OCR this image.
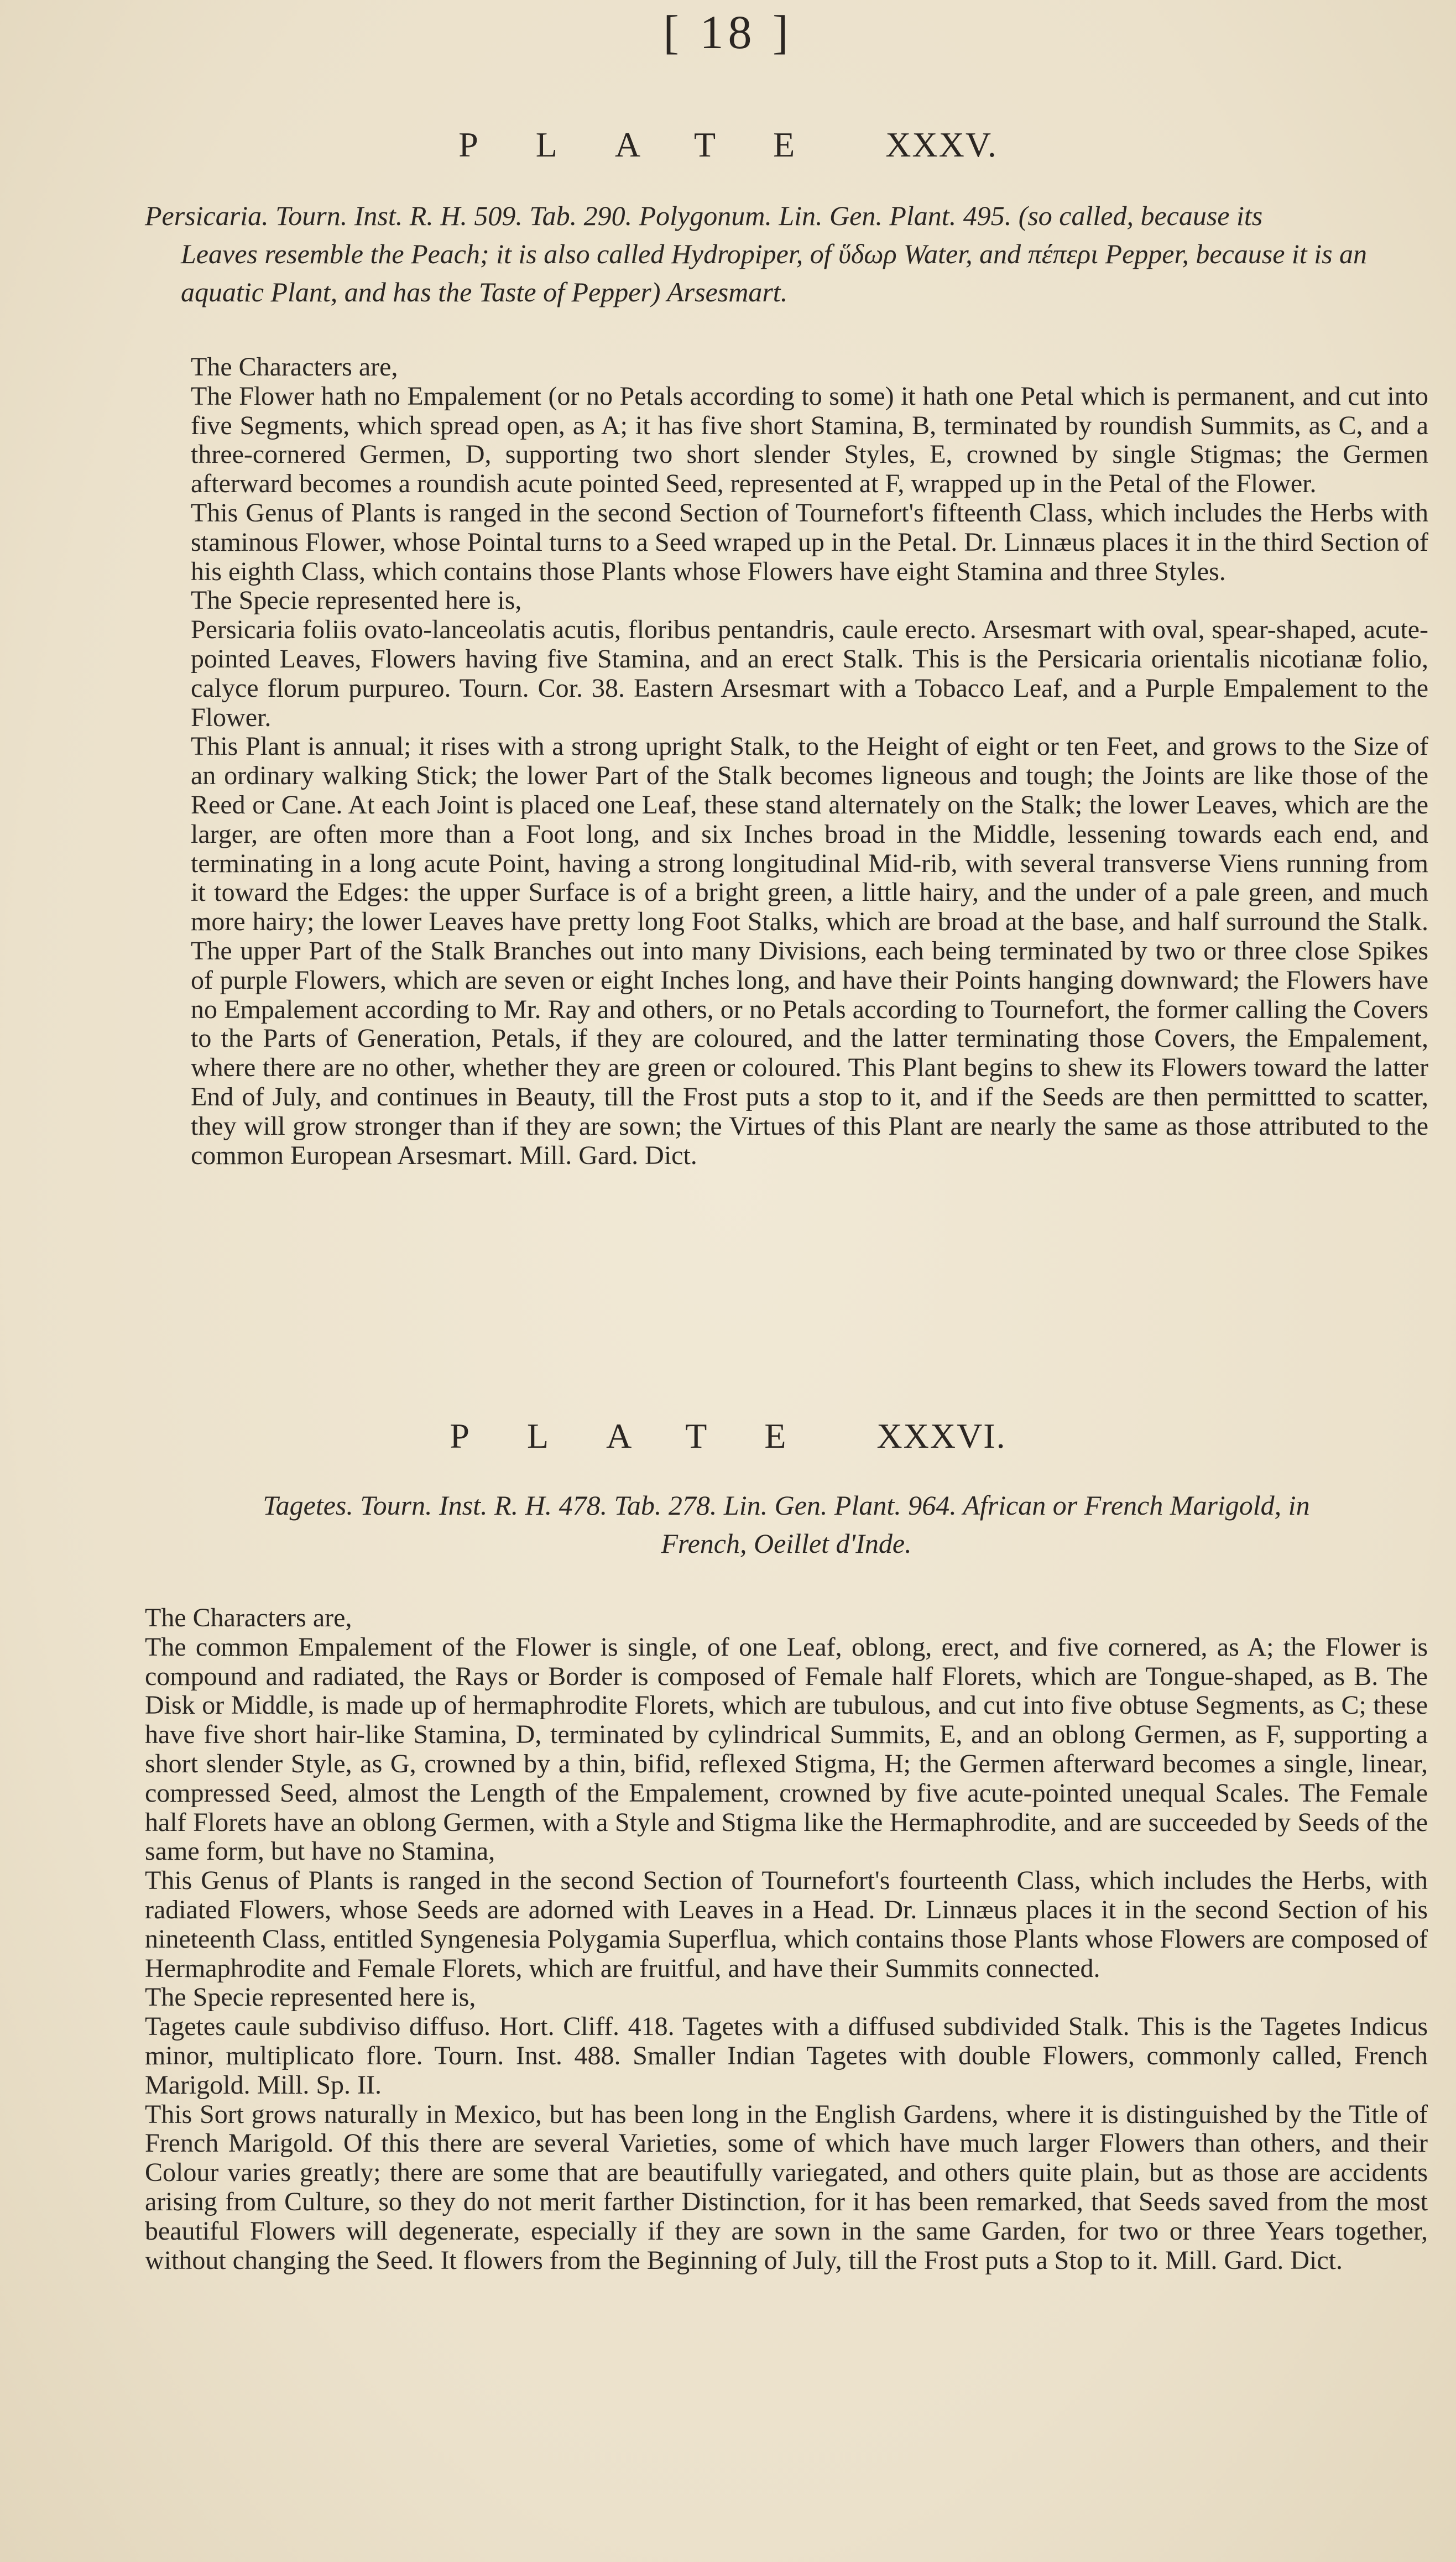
[ 18 ]
PLATE XXXV.
Persicaria. Tourn. Inst. R. H. 509. Tab. 290. Polygonum. Lin. Gen. Plant. 495. (so called, because its
Leaves resemble the Peach; it is also called Hydropiper, of ὕδωρ Water, and πέπερι Pepper, because it is an
aquatic Plant, and has the Taste of Pepper) Arsesmart.

The Characters are,

The Flower hath no Empalement (or no Petals according to some) it hath one Petal which is permanent, and cut into five Segments, which spread open, as A; it has five short Stamina, B, terminated by roundish Summits, as C, and a three-cornered Germen, D, supporting two short slender Styles, E, crowned by single Stigmas; the Germen afterward becomes a roundish acute pointed Seed, represented at F, wrapped up in the Petal of the Flower.

This Genus of Plants is ranged in the second Section of Tournefort's fifteenth Class, which includes the Herbs with staminous Flower, whose Pointal turns to a Seed wraped up in the Petal. Dr. Linnæus places it in the third Section of his eighth Class, which contains those Plants whose Flowers have eight Stamina and three Styles.

The Specie represented here is,

Persicaria foliis ovato-lanceolatis acutis, floribus pentandris, caule erecto. Arsesmart with oval, spear-shaped, acute-pointed Leaves, Flowers having five Stamina, and an erect Stalk. This is the Persicaria orientalis nicotianæ folio, calyce florum purpureo. Tourn. Cor. 38. Eastern Arsesmart with a Tobacco Leaf, and a Purple Empalement to the Flower.

This Plant is annual; it rises with a strong upright Stalk, to the Height of eight or ten Feet, and grows to the Size of an ordinary walking Stick; the lower Part of the Stalk becomes ligneous and tough; the Joints are like those of the Reed or Cane. At each Joint is placed one Leaf, these stand alternately on the Stalk; the lower Leaves, which are the larger, are often more than a Foot long, and six Inches broad in the Middle, lessening towards each end, and terminating in a long acute Point, having a strong longitudinal Mid-rib, with several transverse Viens running from it toward the Edges: the upper Surface is of a bright green, a little hairy, and the under of a pale green, and much more hairy; the lower Leaves have pretty long Foot Stalks, which are broad at the base, and half surround the Stalk. The upper Part of the Stalk Branches out into many Divisions, each being terminated by two or three close Spikes of purple Flowers, which are seven or eight Inches long, and have their Points hanging downward; the Flowers have no Empalement according to Mr. Ray and others, or no Petals according to Tournefort, the former calling the Covers to the Parts of Generation, Petals, if they are coloured, and the latter terminating those Covers, the Empalement, where there are no other, whether they are green or coloured. This Plant begins to shew its Flowers toward the latter End of July, and continues in Beauty, till the Frost puts a stop to it, and if the Seeds are then permittted to scatter, they will grow stronger than if they are sown; the Virtues of this Plant are nearly the same as those attributed to the common European Arsesmart. Mill. Gard. Dict.

PLATE XXXVI.
Tagetes. Tourn. Inst. R. H. 478. Tab. 278. Lin. Gen. Plant. 964. African or French Marigold, in
French, Oeillet d'Inde.

The Characters are,

The common Empalement of the Flower is single, of one Leaf, oblong, erect, and five cornered, as A; the Flower is compound and radiated, the Rays or Border is composed of Female half Florets, which are Tongue-shaped, as B. The Disk or Middle, is made up of hermaphrodite Florets, which are tubulous, and cut into five obtuse Segments, as C; these have five short hair-like Stamina, D, terminated by cylindrical Summits, E, and an oblong Germen, as F, supporting a short slender Style, as G, crowned by a thin, bifid, reflexed Stigma, H; the Germen afterward becomes a single, linear, compressed Seed, almost the Length of the Empalement, crowned by five acute-pointed unequal Scales. The Female half Florets have an oblong Germen, with a Style and Stigma like the Hermaphrodite, and are succeeded by Seeds of the same form, but have no Stamina,

This Genus of Plants is ranged in the second Section of Tournefort's fourteenth Class, which includes the Herbs, with radiated Flowers, whose Seeds are adorned with Leaves in a Head. Dr. Linnæus places it in the second Section of his nineteenth Class, entitled Syngenesia Polygamia Superflua, which contains those Plants whose Flowers are composed of Hermaphrodite and Female Florets, which are fruitful, and have their Summits connected.

The Specie represented here is,

Tagetes caule subdiviso diffuso. Hort. Cliff. 418. Tagetes with a diffused subdivided Stalk. This is the Tagetes Indicus minor, multiplicato flore. Tourn. Inst. 488. Smaller Indian Tagetes with double Flowers, commonly called, French Marigold. Mill. Sp. II.

This Sort grows naturally in Mexico, but has been long in the English Gardens, where it is distinguished by the Title of French Marigold. Of this there are several Varieties, some of which have much larger Flowers than others, and their Colour varies greatly; there are some that are beautifully variegated, and others quite plain, but as those are accidents arising from Culture, so they do not merit farther Distinction, for it has been remarked, that Seeds saved from the most beautiful Flowers will degenerate, especially if they are sown in the same Garden, for two or three Years together, without changing the Seed. It flowers from the Beginning of July, till the Frost puts a Stop to it. Mill. Gard. Dict.
